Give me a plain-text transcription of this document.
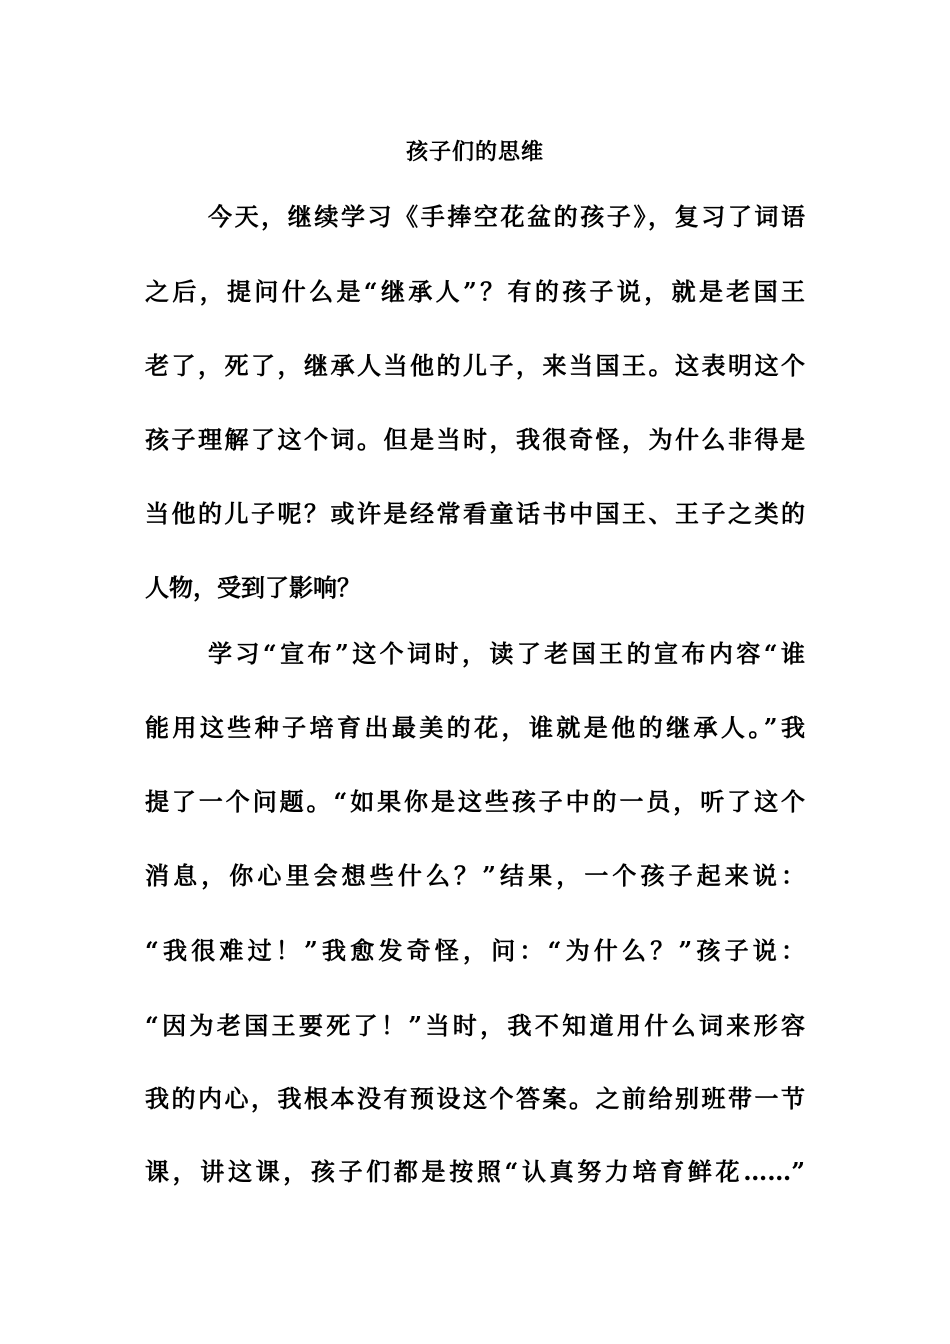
孩子们的思维
今天，继续学习《手捧空花盆的孩子》，复习了词语
之后，提问什么是“继承人”？有的孩子说，就是老国王
老了，死了，继承人当他的儿子，来当国王。这表明这个
孩子理解了这个词。但是当时，我很奇怪，为什么非得是
当他的儿子呢？或许是经常看童话书中国王、王子之类的
人物，受到了影响？
学习“宣布”这个词时，读了老国王的宣布内容“谁
能用这些种子培育出最美的花，谁就是他的继承人。”我
提了一个问题。“如果你是这些孩子中的一员，听了这个
消息，你心里会想些什么？”结果，一个孩子起来说：
“我很难过！”我愈发奇怪，问：“为什么？”孩子说：
“因为老国王要死了！”当时，我不知道用什么词来形容
我的内心，我根本没有预设这个答案。之前给别班带一节
课，讲这课，孩子们都是按照“认真努力培育鲜花……”
